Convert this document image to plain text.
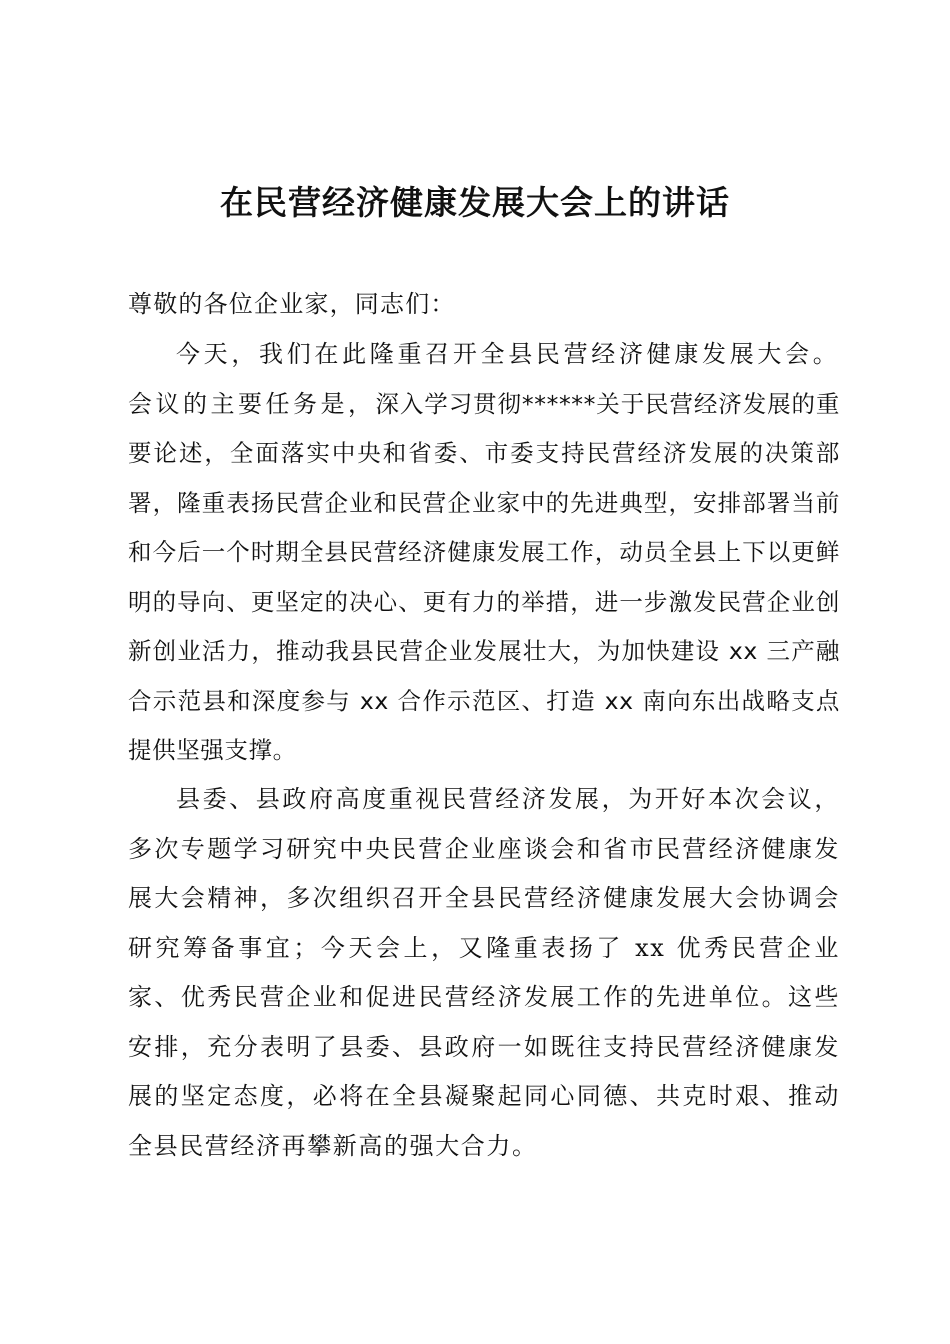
在民营经济健康发展大会上的讲话

尊敬的各位企业家，同志们：

今天，我们在此隆重召开全县民营经济健康发展大会。会议的主要任务是，深入学习贯彻******关于民营经济发展的重要论述，全面落实中央和省委、市委支持民营经济发展的决策部署，隆重表扬民营企业和民营企业家中的先进典型，安排部署当前和今后一个时期全县民营经济健康发展工作，动员全县上下以更鲜明的导向、更坚定的决心、更有力的举措，进一步激发民营企业创新创业活力，推动我县民营企业发展壮大，为加快建设 xx 三产融合示范县和深度参与 xx 合作示范区、打造 xx 南向东出战略支点提供坚强支撑。

县委、县政府高度重视民营经济发展，为开好本次会议，多次专题学习研究中央民营企业座谈会和省市民营经济健康发展大会精神，多次组织召开全县民营经济健康发展大会协调会研究筹备事宜；今天会上，又隆重表扬了 xx 优秀民营企业家、优秀民营企业和促进民营经济发展工作的先进单位。这些安排，充分表明了县委、县政府一如既往支持民营经济健康发展的坚定态度，必将在全县凝聚起同心同德、共克时艰、推动全县民营经济再攀新高的强大合力。
